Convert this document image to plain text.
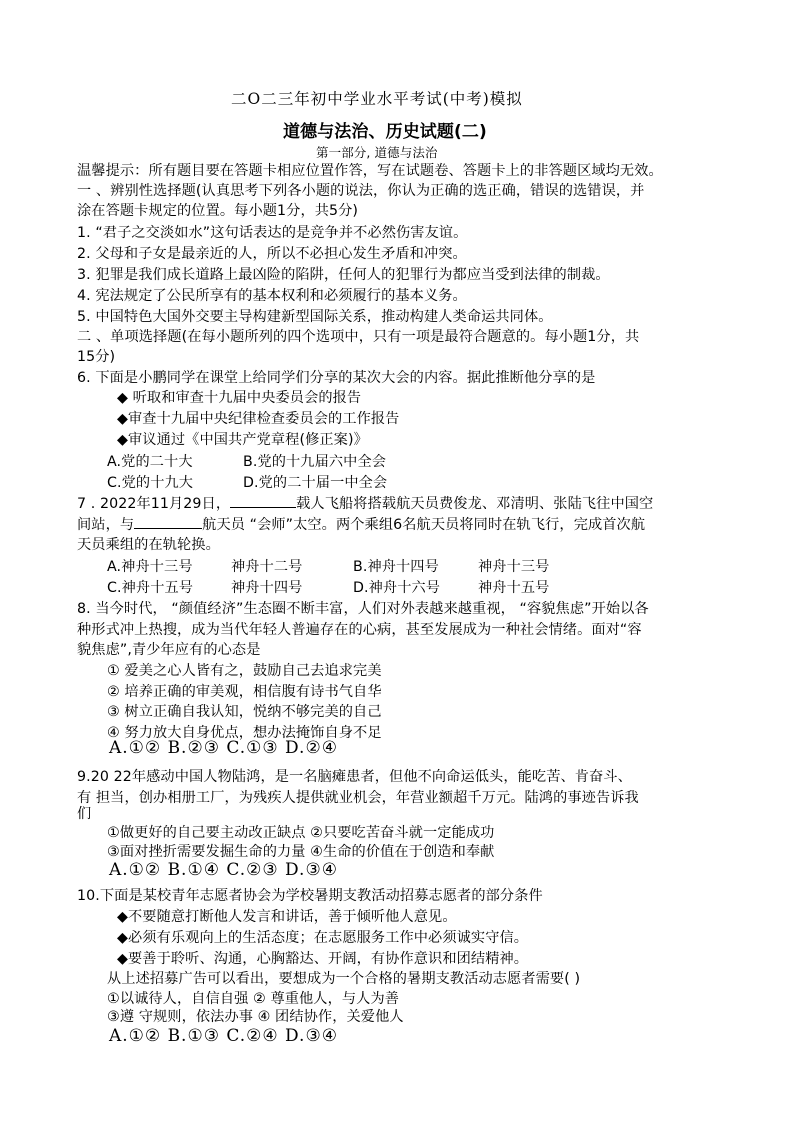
二O二三年初中学业水平考试(中考)模拟
道德与法治、历史试题(二)
第一部分, 道德与法治
温馨提示：所有题目要在答题卡相应位置作答，写在试题卷、答题卡上的非答题区域均无效。
一 、辨别性选择题(认真思考下列各小题的说法，你认为正确的选正确，错误的选错误，并
涂在答题卡规定的位置。每小题1分，共5分)
1. “君子之交淡如水”这句话表达的是竞争并不必然伤害友谊。
2. 父母和子女是最亲近的人，所以不必担心发生矛盾和冲突。
3. 犯罪是我们成长道路上最凶险的陷阱，任何人的犯罪行为都应当受到法律的制裁。
4. 宪法规定了公民所享有的基本权利和必须履行的基本义务。
5. 中国特色大国外交要主导构建新型国际关系，推动构建人类命运共同体。
二 、单项选择题(在每小题所列的四个选项中，只有一项是最符合题意的。每小题1分，共
15分)
6. 下面是小鹏同学在课堂上给同学们分享的某次大会的内容。据此推断他分享的是
◆ 听取和审查十九届中央委员会的报告
◆审查十九届中央纪律检查委员会的工作报告
◆审议通过《中国共产党章程(修正案)》
A.党的二十大	B.党的十九届六中全会
C.党的十九大	D.党的二十届一中全会
7 . 2022年11月29日，	载人飞船将搭载航天员费俊龙、邓清明、张陆飞往中国空
间站，与	航天员 “会师”太空。两个乘组6名航天员将同时在轨飞行，完成首次航
天员乘组的在轨轮换。
A.神舟十三号	神舟十二号	B.神舟十四号	神舟十三号
C.神舟十五号	神舟十四号	D.神舟十六号	神舟十五号
8. 当今时代， “颜值经济”生态圈不断丰富，人们对外表越来越重视， “容貌焦虑”开始以各
种形式冲上热搜，成为当代年轻人普遍存在的心病，甚至发展成为一种社会情绪。面对“容
貌焦虑”,青少年应有的心态是
① 爱美之心人皆有之，鼓励自己去追求完美
② 培养正确的审美观，相信腹有诗书气自华
③ 树立正确自我认知，悦纳不够完美的自己
④ 努力放大自身优点，想办法掩饰自身不足
A.①② B.②③ C.①③ D.②④
9.20 22年感动中国人物陆鸿，是一名脑瘫患者，但他不向命运低头，能吃苦、肯奋斗、
有 担当，创办相册工厂，为残疾人提供就业机会，年营业额超千万元。陆鸿的事迹告诉我
们
①做更好的自己要主动改正缺点 ②只要吃苦奋斗就一定能成功
③面对挫折需要发掘生命的力量 ④生命的价值在于创造和奉献
A.①② B.①④ C.②③ D.③④
10.下面是某校青年志愿者协会为学校暑期支教活动招募志愿者的部分条件
◆不要随意打断他人发言和讲话，善于倾听他人意见。
◆必须有乐观向上的生活态度；在志愿服务工作中必须诚实守信。
◆要善于聆听、沟通，心胸豁达、开阔，有协作意识和团结精神。
从上述招募广告可以看出，要想成为一个合格的暑期支教活动志愿者需要( )
①以诚待人，自信自强 ② 尊重他人，与人为善
③遵 守规则，依法办事 ④ 团结协作，关爱他人
A.①② B.①③ C.②④ D.③④
